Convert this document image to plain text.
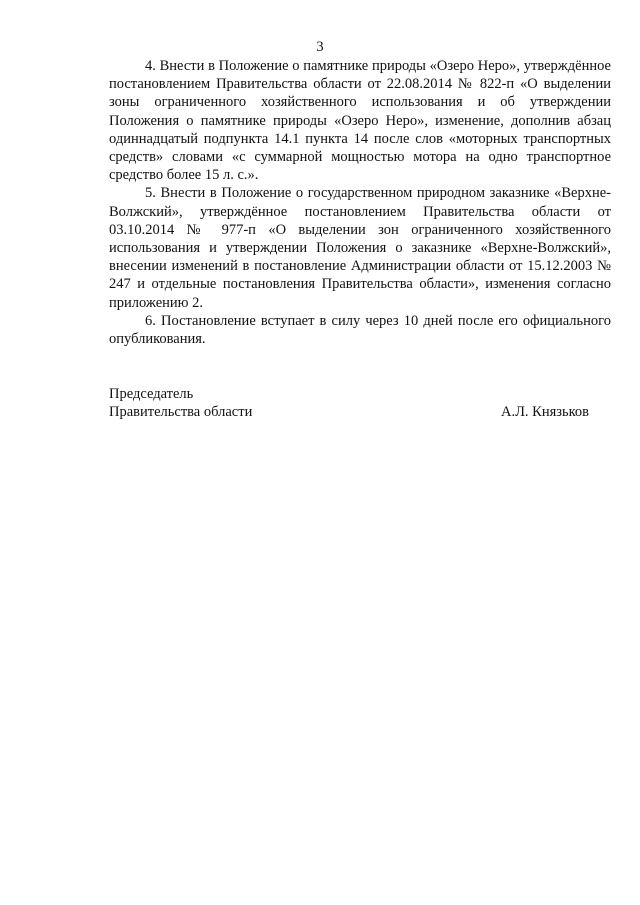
3

4. Внести в Положение о памятнике природы «Озеро Неро», утверждённое постановлением Правительства области от 22.08.2014 № 822-п «О выделении зоны ограниченного хозяйственного использования и об утверждении Положения о памятнике природы «Озеро Неро», изменение, дополнив абзац одиннадцатый подпункта 14.1 пункта 14 после слов «моторных транспортных средств» словами «с суммарной мощностью мотора на одно транспортное средство более 15 л. с.».

5. Внести в Положение о государственном природном заказнике «Верхне-Волжский», утверждённое постановлением Правительства области от 03.10.2014 № 977-п «О выделении зон ограниченного хозяйственного использования и утверждении Положения о заказнике «Верхне-Волжский», внесении изменений в постановление Администрации области от 15.12.2003 № 247 и отдельные постановления Правительства области», изменения согласно приложению 2.

6. Постановление вступает в силу через 10 дней после его официального опубликования.

Председатель
Правительства области	А.Л. Князьков
